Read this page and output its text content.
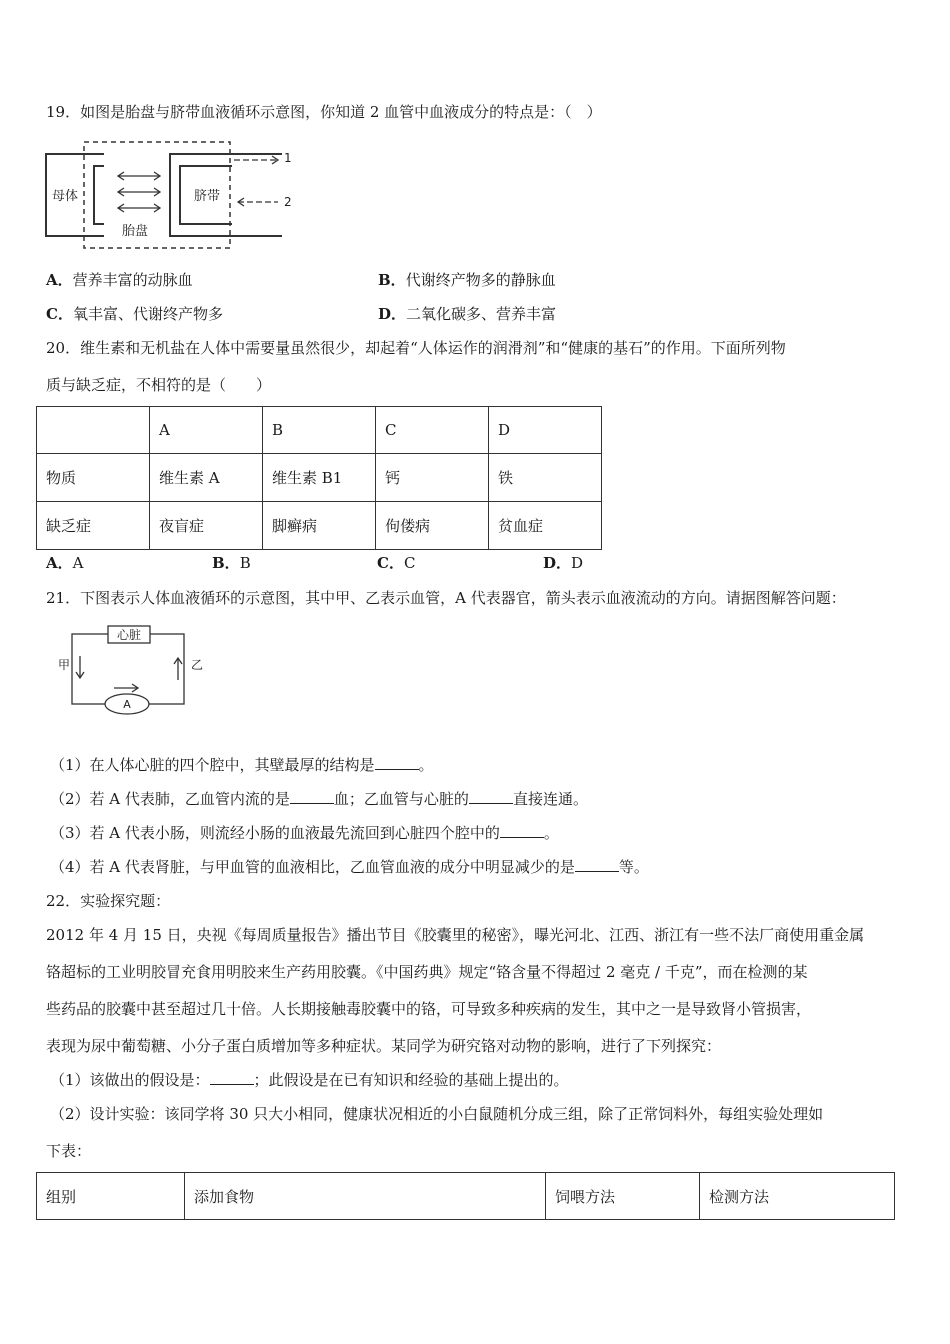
19．如图是胎盘与脐带血液循环示意图，你知道 2 血管中血液成分的特点是：（　）
母体
胎盘
脐带
1
2
A．营养丰富的动脉血	B．代谢终产物多的静脉血
C．氧丰富、代谢终产物多	D．二氧化碳多、营养丰富
20．维生素和无机盐在人体中需要量虽然很少，却起着“人体运作的润滑剂”和“健康的基石”的作用。下面所列物
质与缺乏症，不相符的是（　　）
	A	B	C	D
物质	维生素 A	维生素 B1	钙	铁
缺乏症	夜盲症	脚癣病	佝偻病	贫血症
A．A	B．B	C．C	D．D
21．下图表示人体血液循环的示意图，其中甲、乙表示血管，A 代表器官，箭头表示血液流动的方向。请据图解答问题：
心脏
A
甲	乙
（1）在人体心脏的四个腔中，其壁最厚的结构是	。
（2）若 A 代表肺，乙血管内流的是	血；乙血管与心脏的	直接连通。
（3）若 A 代表小肠，则流经小肠的血液最先流回到心脏四个腔中的	。
（4）若 A 代表肾脏，与甲血管的血液相比，乙血管血液的成分中明显减少的是	等。
22．实验探究题：
2012 年 4 月 15 日，央视《每周质量报告》播出节目《胶囊里的秘密》，曝光河北、江西、浙江有一些不法厂商使用重金属
铬超标的工业明胶冒充食用明胶来生产药用胶囊。《中国药典》规定“铬含量不得超过 2 毫克 / 千克”，而在检测的某
些药品的胶囊中甚至超过几十倍。人长期接触毒胶囊中的铬，可导致多种疾病的发生，其中之一是导致肾小管损害，
表现为尿中葡萄糖、小分子蛋白质增加等多种症状。某同学为研究铬对动物的影响，进行了下列探究：
（1）该做出的假设是：	；此假设是在已有知识和经验的基础上提出的。
（2）设计实验：该同学将 30 只大小相同，健康状况相近的小白鼠随机分成三组，除了正常饲料外，每组实验处理如
下表：
组别	添加食物	饲喂方法	检测方法
